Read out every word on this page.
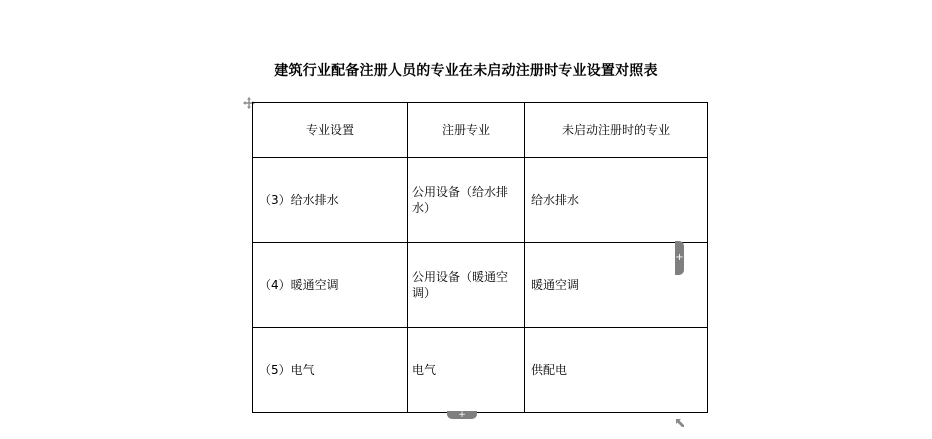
建筑行业配备注册人员的专业在未启动注册时专业设置对照表
专业设置	注册专业	未启动注册时的专业
（3）给水排水	公用设备（给水排水）	给水排水
（4）暖通空调	公用设备（暖通空调）	暖通空调
（5）电气	电气	供配电
+
+
